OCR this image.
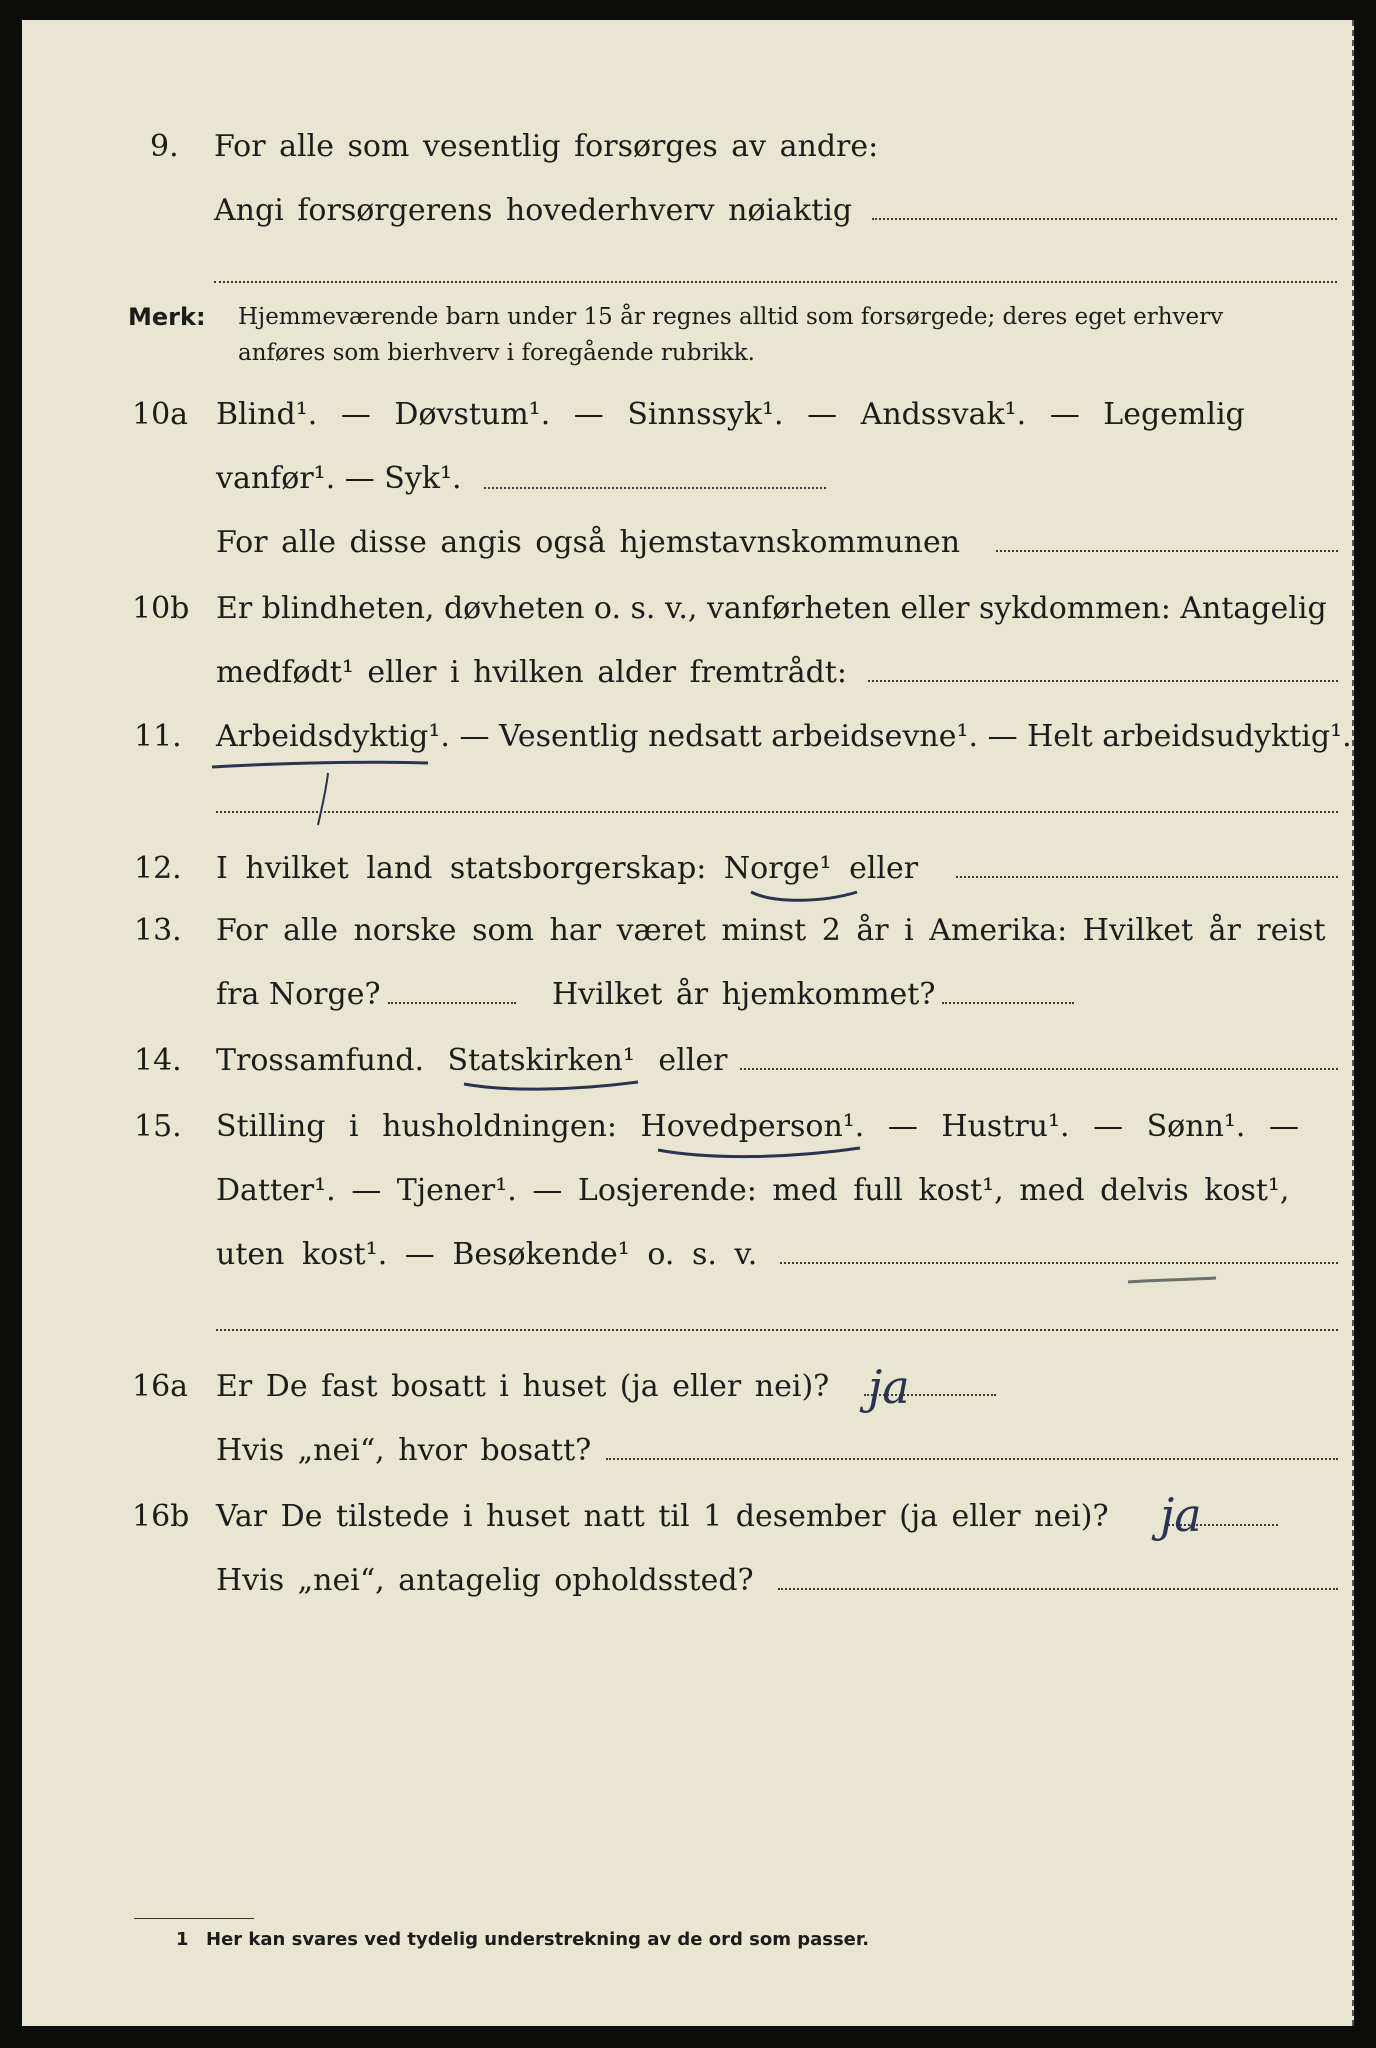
9. For alle som vesentlig forsørges av andre:
Angi forsørgerens hovederhverv nøiaktig
Merk: Hjemmeværende barn under 15 år regnes alltid som forsørgede; deres eget erhverv
anføres som bierhverv i foregående rubrikk.
10a Blind¹. — Døvstum¹. — Sinnssyk¹. — Andssvak¹. — Legemlig
vanfør¹. — Syk¹.
For alle disse angis også hjemstavnskommunen
10b Er blindheten, døvheten o. s. v., vanførheten eller sykdommen: Antagelig
medfødt¹ eller i hvilken alder fremtrådt:
11. Arbeidsdyktig¹. — Vesentlig nedsatt arbeidsevne¹. — Helt arbeidsudyktig¹.
12. I hvilket land statsborgerskap: Norge¹ eller
13. For alle norske som har været minst 2 år i Amerika: Hvilket år reist
fra Norge?	Hvilket år hjemkommet?
14. Trossamfund. Statskirken¹ eller
15. Stilling i husholdningen: Hovedperson¹. — Hustru¹. — Sønn¹. —
Datter¹. — Tjener¹. — Losjerende: med full kost¹, med delvis kost¹,
uten kost¹. — Besøkende¹ o. s. v.
16a Er De fast bosatt i huset (ja eller nei)?
Hvis „nei“, hvor bosatt?
16b Var De tilstede i huset natt til 1 desember (ja eller nei)?
Hvis „nei“, antagelig opholdssted?
ja
ja
1 Her kan svares ved tydelig understrekning av de ord som passer.
